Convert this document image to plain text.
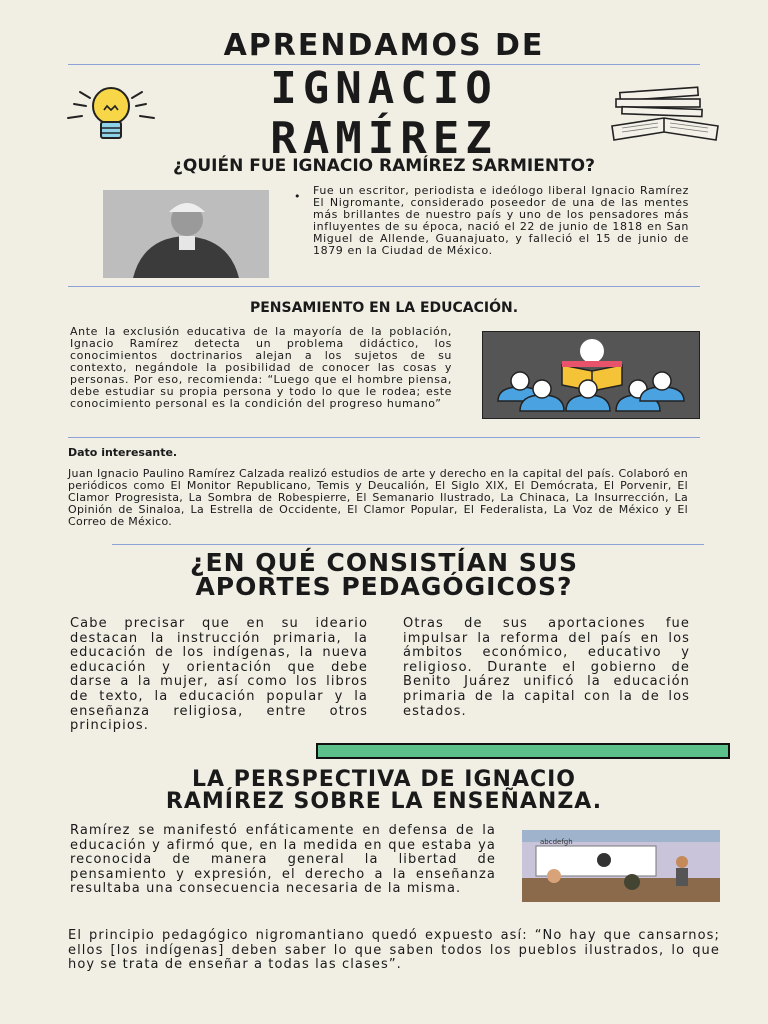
APRENDAMOS DE
IGNACIO
RAMÍREZ
¿QUIÉN FUE IGNACIO RAMÍREZ SARMIENTO?
• Fue un escritor, periodista e ideólogo liberal Ignacio Ramírez El Nigromante, considerado poseedor de una de las mentes más brillantes de nuestro país y uno de los pensadores más influyentes de su época, nació el 22 de junio de 1818 en San Miguel de Allende, Guanajuato, y falleció el 15 de junio de 1879 en la Ciudad de México.
PENSAMIENTO EN LA EDUCACIÓN.
Ante la exclusión educativa de la mayoría de la población, Ignacio Ramírez detecta un problema didáctico, los conocimientos doctrinarios alejan a los sujetos de su contexto, negándole la posibilidad de conocer las cosas y personas. Por eso, recomienda: “Luego que el hombre piensa, debe estudiar su propia persona y todo lo que le rodea; este conocimiento personal es la condición del progreso humano”
Dato interesante.
Juan Ignacio Paulino Ramírez Calzada realizó estudios de arte y derecho en la capital del país. Colaboró en periódicos como El Monitor Republicano, Temis y Deucalión, El Siglo XIX, El Demócrata, El Porvenir, El Clamor Progresista, La Sombra de Robespierre, El Semanario Ilustrado, La Chinaca, La Insurrección, La Opinión de Sinaloa, La Estrella de Occidente, El Clamor Popular, El Federalista, La Voz de México y El Correo de México.
¿EN QUÉ CONSISTÍAN SUS
APORTES PEDAGÓGICOS?
Cabe precisar que en su ideario destacan la instrucción primaria, la educación de los indígenas, la nueva educación y orientación que debe darse a la mujer, así como los libros de texto, la educación popular y la enseñanza religiosa, entre otros principios.
Otras de sus aportaciones fue impulsar la reforma del país en los ámbitos económico, educativo y religioso. Durante el gobierno de Benito Juárez unificó la educación primaria de la capital con la de los estados.
LA PERSPECTIVA DE IGNACIO
RAMÍREZ SOBRE LA ENSEÑANZA.
Ramírez se manifestó enfáticamente en defensa de la educación y afirmó que, en la medida en que estaba ya reconocida de manera general la libertad de pensamiento y expresión, el derecho a la enseñanza resultaba una consecuencia necesaria de la misma.
abcdefgh
El principio pedagógico nigromantiano quedó expuesto así: “No hay que cansarnos; ellos [los indígenas] deben saber lo que saben todos los pueblos ilustrados, lo que hoy se trata de enseñar a todas las clases”.
